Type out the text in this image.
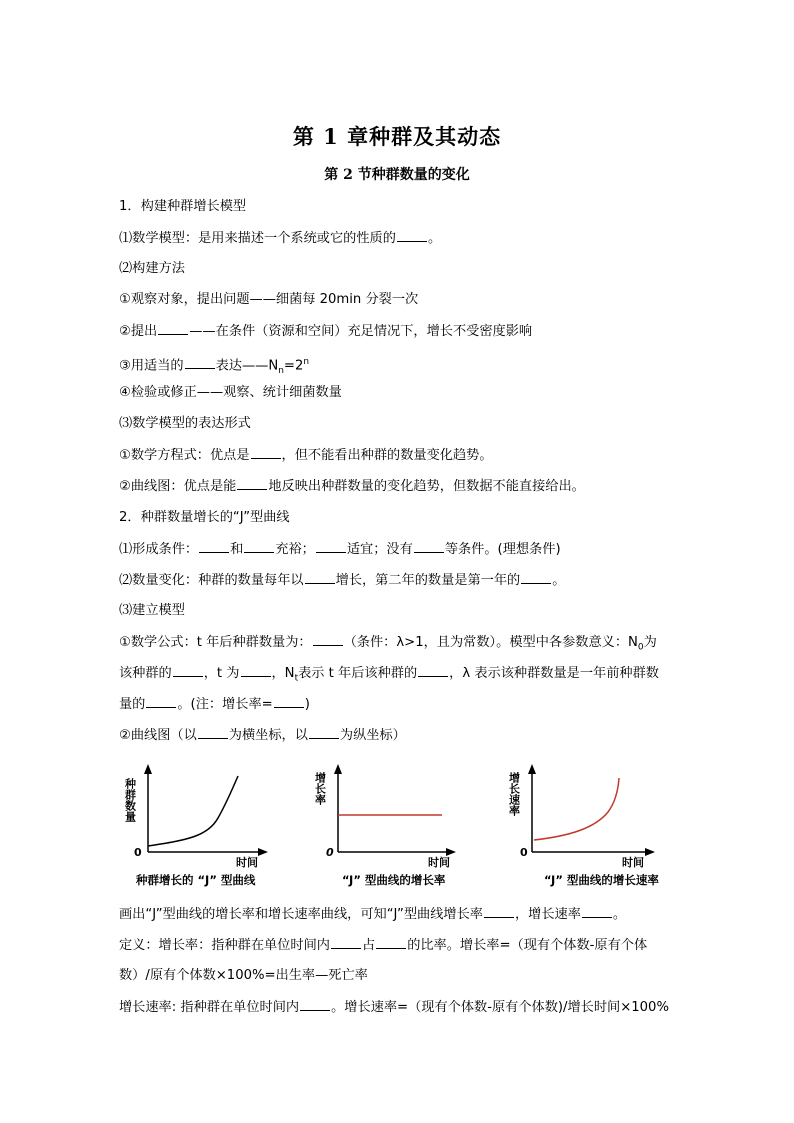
第 1 章种群及其动态
第 2 节种群数量的变化
1．构建种群增长模型
⑴数学模型：是用来描述一个系统或它的性质的 。
⑵构建方法
①观察对象，提出问题——细菌每 20min 分裂一次
②提出 ——在条件（资源和空间）充足情况下，增长不受密度影响
③用适当的 表达$——N_n=2^n$
④检验或修正——观察、统计细菌数量
⑶数学模型的表达形式
①数学方程式：优点是 ，但不能看出种群的数量变化趋势。
②曲线图：优点是能 地反映出种群数量的变化趋势，但数据不能直接给出。
2．种群数量增长的“J”型曲线
⑴形成条件： 和 充裕； 适宜；没有 等条件。(理想条件)
⑵数量变化：种群的数量每年以 增长，第二年的数量是第一年的 。
⑶建立模型
①数学公式：t 年后种群数量为： （条件：λ>1，且为常数）。模型中各参数意义：$N_0$为
该种群的 ，t 为 ，$N_t$表示 t 年后该种群的 ，λ 表示该种群数量是一年前种群数
量的 。(注：增长率= )
②曲线图（以 为横坐标，以 为纵坐标）
0
时间
种群数量
0
时间
增长率
0
时间
增长速率
种群增长的 “J” 型曲线	“J” 型曲线的增长率	“J” 型曲线的增长速率
画出“J”型曲线的增长率和增长速率曲线，可知“J”型曲线增长率 ，增长速率 。
定义：增长率：指种群在单位时间内 占 的比率。增长率=（现有个体数-原有个体
数）/原有个体数×100%=出生率—死亡率
增长速率: 指种群在单位时间内 。增长速率=（现有个体数-原有个体数)/增长时间×100%
